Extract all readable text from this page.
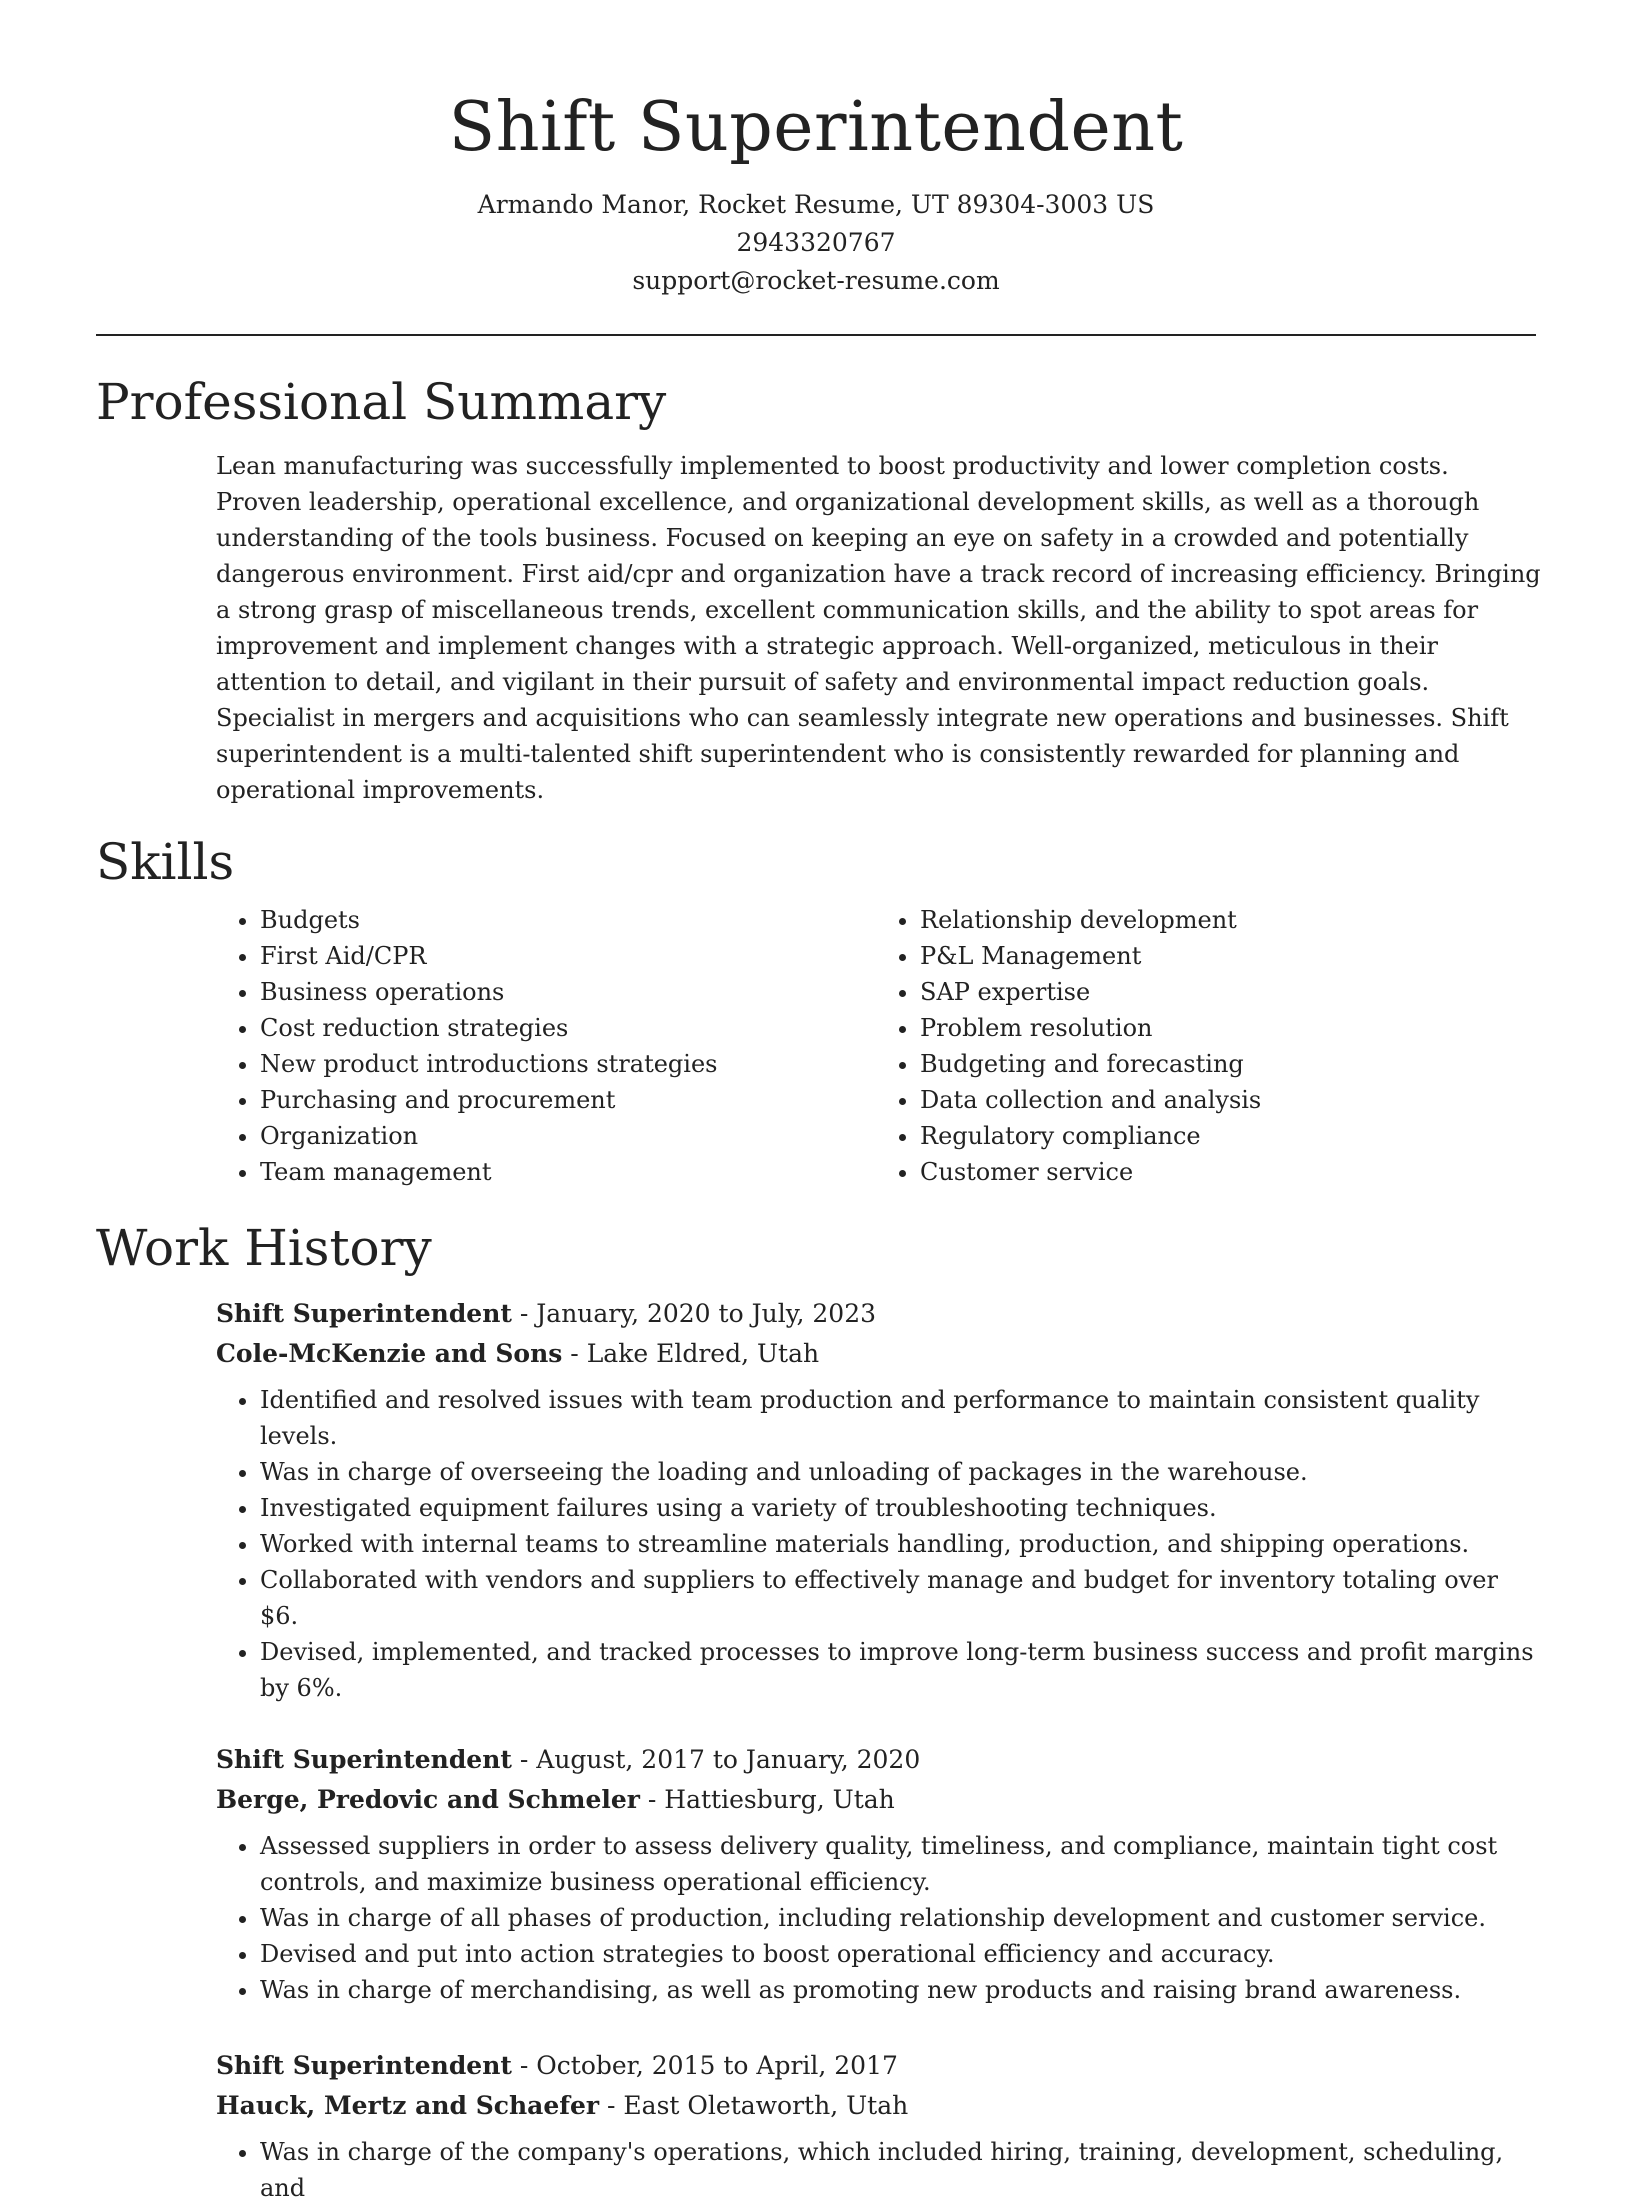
Shift Superintendent
Armando Manor, Rocket Resume, UT 89304-3003 US
2943320767
support@rocket-resume.com
Professional Summary

Lean manufacturing was successfully implemented to boost productivity and lower completion costs. Proven leadership, operational excellence, and organizational development skills, as well as a thorough understanding of the tools business. Focused on keeping an eye on safety in a crowded and potentially dangerous environment. First aid/cpr and organization have a track record of increasing efficiency. Bringing a strong grasp of miscellaneous trends, excellent communication skills, and the ability to spot areas for improvement and implement changes with a strategic approach. Well-organized, meticulous in their attention to detail, and vigilant in their pursuit of safety and environmental impact reduction goals. Specialist in mergers and acquisitions who can seamlessly integrate new operations and businesses. Shift superintendent is a multi-talented shift superintendent who is consistently rewarded for planning and operational improvements.

Skills
• Budgets
• First Aid/CPR
• Business operations
• Cost reduction strategies
• New product introductions strategies
• Purchasing and procurement
• Organization
• Team management
• Relationship development
• P&L Management
• SAP expertise
• Problem resolution
• Budgeting and forecasting
• Data collection and analysis
• Regulatory compliance
• Customer service
Work History
Shift Superintendent - January, 2020 to July, 2023
Cole-McKenzie and Sons - Lake Eldred, Utah
• Identified and resolved issues with team production and performance to maintain consistent quality levels.
• Was in charge of overseeing the loading and unloading of packages in the warehouse.
• Investigated equipment failures using a variety of troubleshooting techniques.
• Worked with internal teams to streamline materials handling, production, and shipping operations.
• Collaborated with vendors and suppliers to effectively manage and budget for inventory totaling over $6.
• Devised, implemented, and tracked processes to improve long-term business success and profit margins by 6%.
Shift Superintendent - August, 2017 to January, 2020
Berge, Predovic and Schmeler - Hattiesburg, Utah
• Assessed suppliers in order to assess delivery quality, timeliness, and compliance, maintain tight cost controls, and maximize business operational efficiency.
• Was in charge of all phases of production, including relationship development and customer service.
• Devised and put into action strategies to boost operational efficiency and accuracy.
• Was in charge of merchandising, as well as promoting new products and raising brand awareness.
Shift Superintendent - October, 2015 to April, 2017
Hauck, Mertz and Schaefer - East Oletaworth, Utah
• Was in charge of the company's operations, which included hiring, training, development, scheduling, and
